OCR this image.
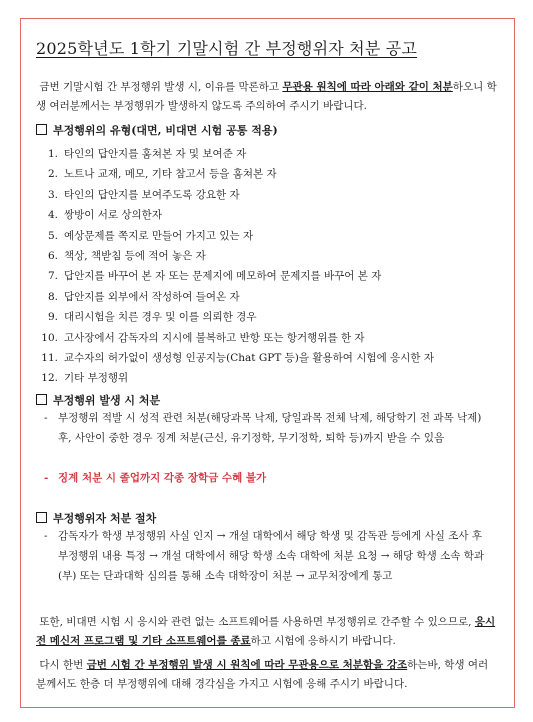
2025학년도 1학기 기말시험 간 부정행위자 처분 공고
금번 기말시험 간 부정행위 발생 시, 이유를 막론하고 무관용 원칙에 따라 아래와 같이 처분하오니 학생 여러분께서는 부정행위가 발생하지 않도록 주의하여 주시기 바랍니다.
부정행위의 유형(대면, 비대면 시험 공통 적용)
1. 타인의 답안지를 훔쳐본 자 및 보여준 자
2. 노트나 교재, 메모, 기타 참고서 등을 훔쳐본 자
3. 타인의 답안지를 보여주도록 강요한 자
4. 쌍방이 서로 상의한자
5. 예상문제를 쪽지로 만들어 가지고 있는 자
6. 책상, 책받침 등에 적어 놓은 자
7. 답안지를 바꾸어 본 자 또는 문제지에 메모하여 문제지를 바꾸어 본 자
8. 답안지를 외부에서 작성하여 들여온 자
9. 대리시험을 치른 경우 및 이를 의뢰한 경우
10. 고사장에서 감독자의 지시에 불복하고 반항 또는 항거행위를 한 자
11. 교수자의 허가없이 생성형 인공지능(Chat GPT 등)을 활용하여 시험에 응시한 자
12. 기타 부정행위
부정행위 발생 시 처분
- 부정행위 적발 시 성적 관련 처분(해당과목 낙제, 당일과목 전체 낙제, 해당학기 전 과목 낙제) 후, 사안이 중한 경우 징계 처분(근신, 유기정학, 무기정학, 퇴학 등)까지 받을 수 있음
- 징계 처분 시 졸업까지 각종 장학금 수혜 불가
부정행위자 처분 절차
- 감독자가 학생 부정행위 사실 인지 → 개설 대학에서 해당 학생 및 감독관 등에게 사실 조사 후 부정행위 내용 특정 → 개설 대학에서 해당 학생 소속 대학에 처분 요청 → 해당 학생 소속 학과(부) 또는 단과대학 심의를 통해 소속 대학장이 처분 → 교무처장에게 통고
또한, 비대면 시험 시 응시와 관련 없는 소프트웨어를 사용하면 부정행위로 간주할 수 있으므로, 응시 전 메신저 프로그램 및 기타 소프트웨어를 종료하고 시험에 응하시기 바랍니다.
다시 한번 금번 시험 간 부정행위 발생 시 원칙에 따라 무관용으로 처분함을 강조하는바, 학생 여러분께서도 한층 더 부정행위에 대해 경각심을 가지고 시험에 응해 주시기 바랍니다.
